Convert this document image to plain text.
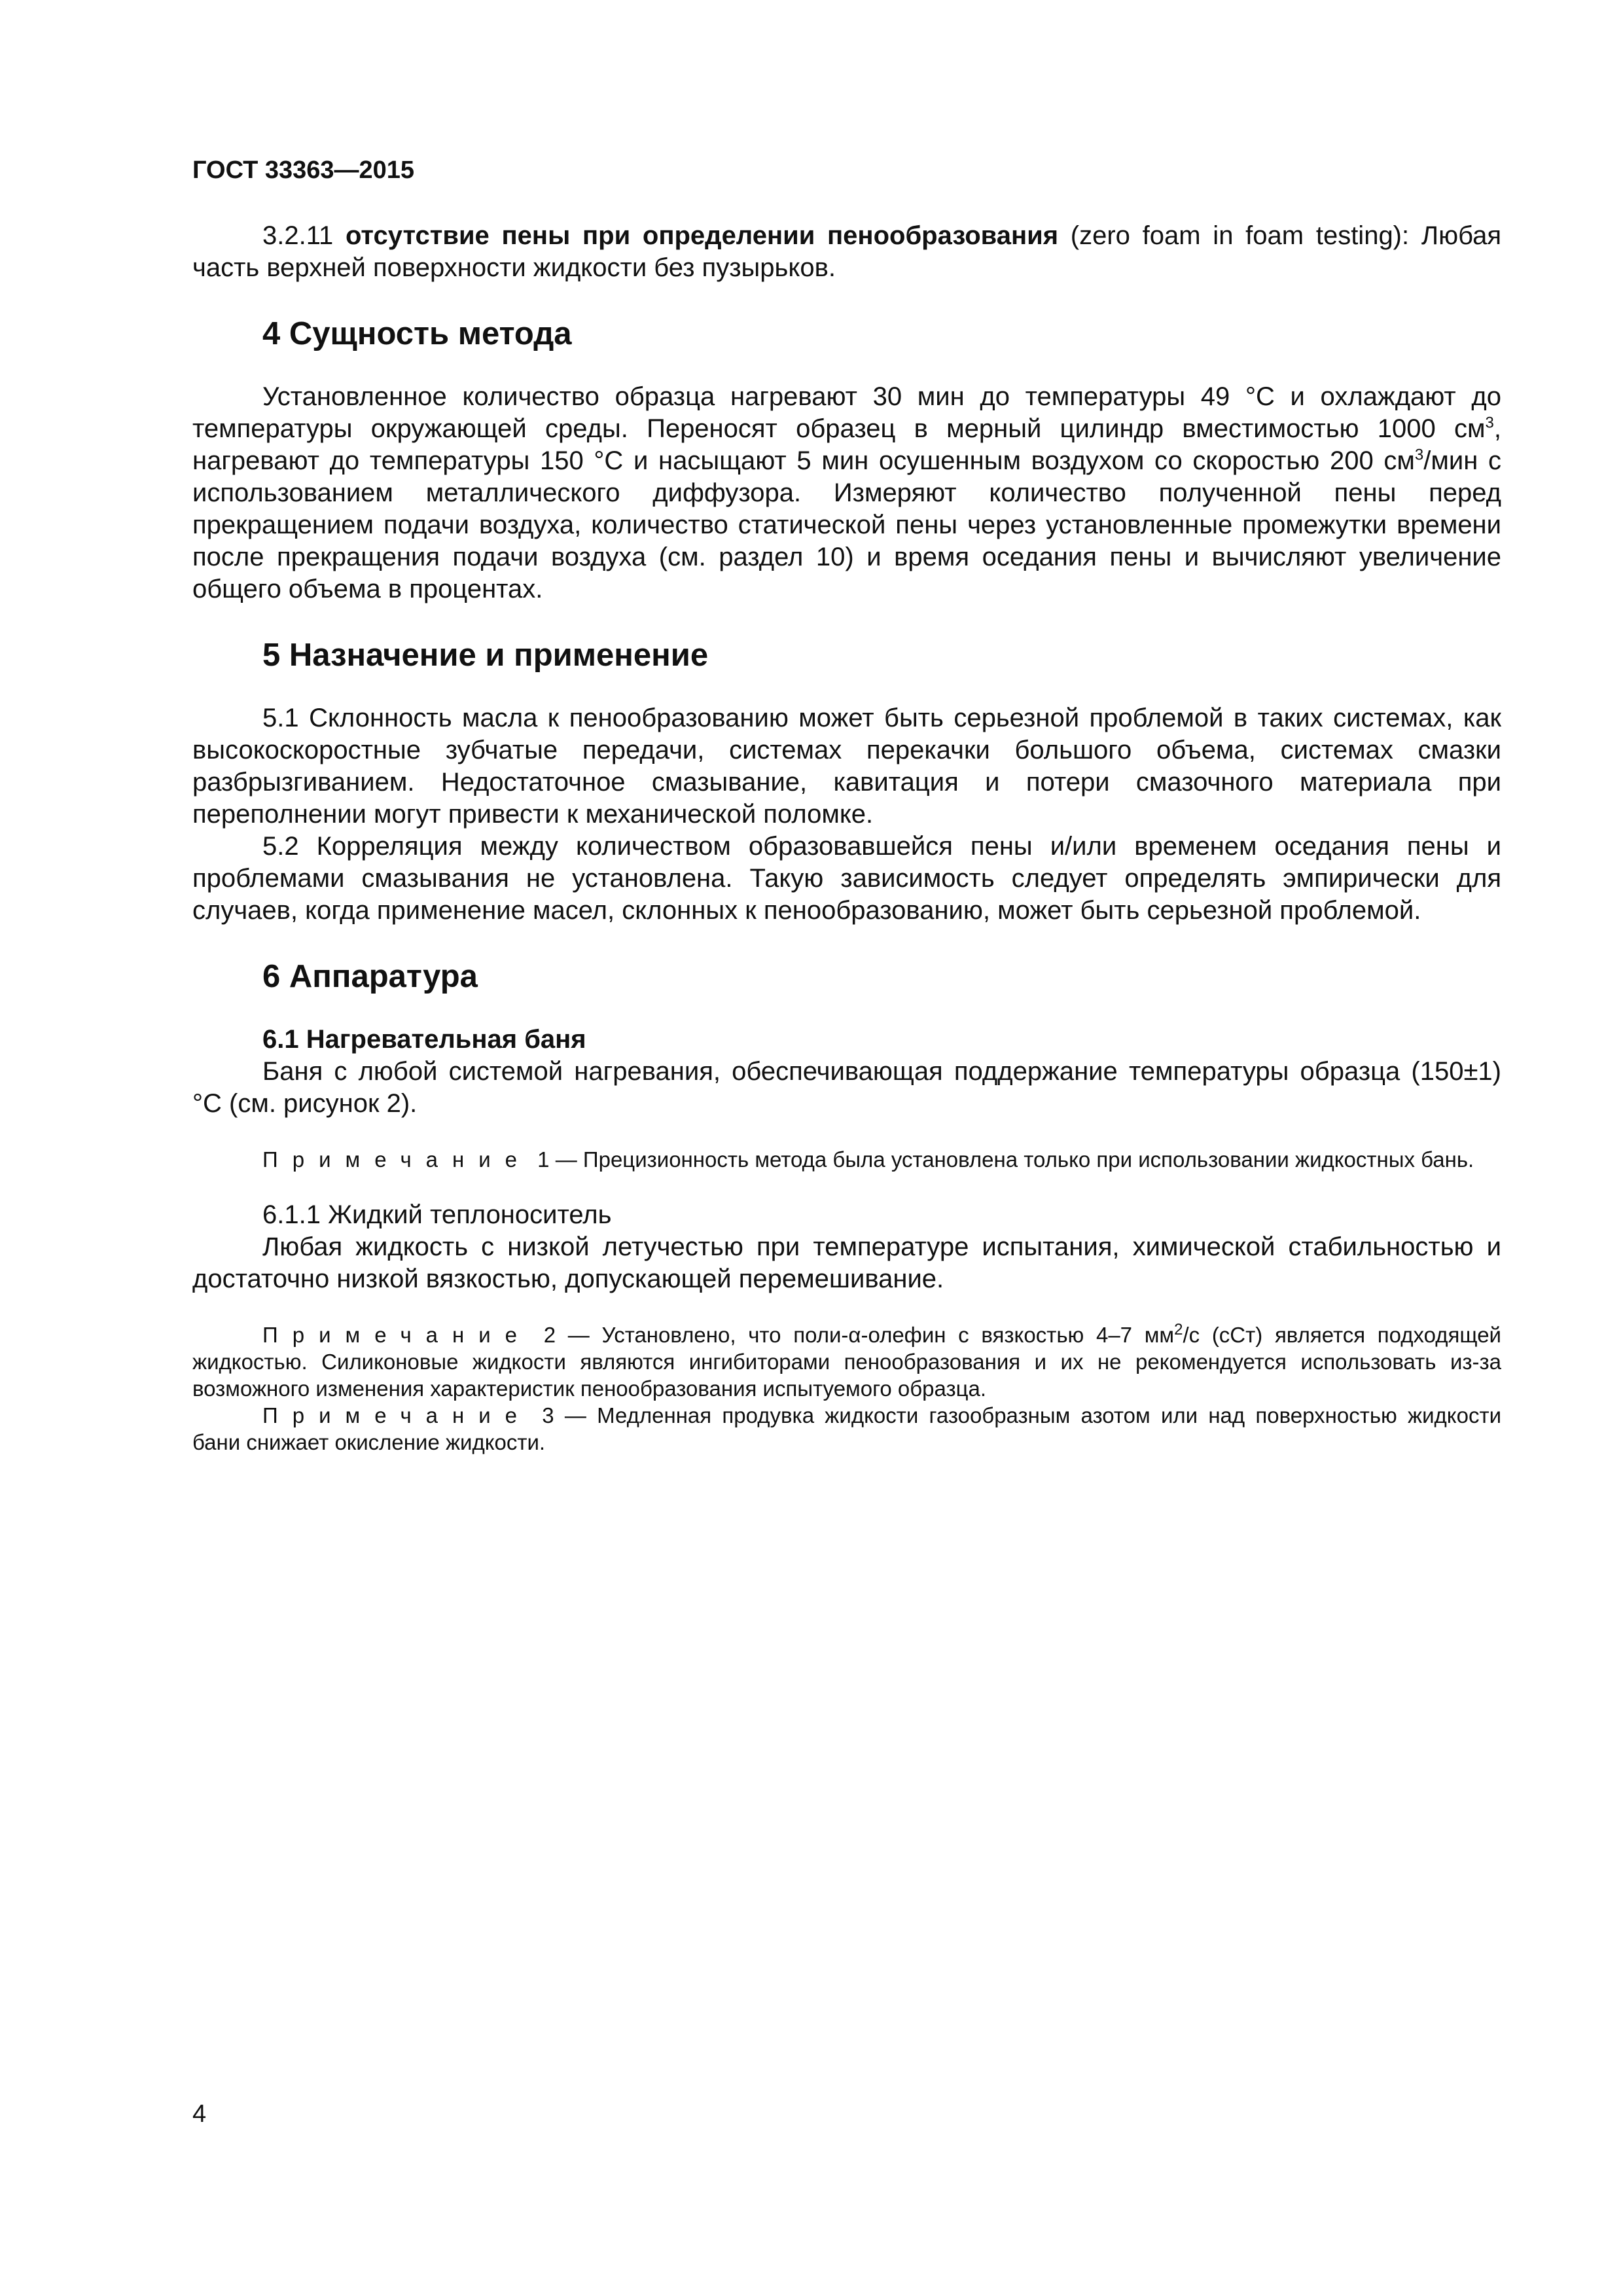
ГОСТ 33363—2015

3.2.11 отсутствие пены при определении пенообразования (zero foam in foam testing): Любая часть верхней поверхности жидкости без пузырьков.

4 Сущность метода

Установленное количество образца нагревают 30 мин до температуры 49 °С и охлаждают до температуры окружающей среды. Переносят образец в мерный цилиндр вместимостью 1000 $см^3$, нагревают до температуры 150 °С и насыщают 5 мин осушенным воздухом со скоростью 200 $см^3$/мин с использованием металлического диффузора. Измеряют количество полученной пены перед прекращением подачи воздуха, количество статической пены через установленные промежутки времени после прекращения подачи воздуха (см. раздел 10) и время оседания пены и вычисляют увеличение общего объема в процентах.

5 Назначение и применение

5.1 Склонность масла к пенообразованию может быть серьезной проблемой в таких системах, как высокоскоростные зубчатые передачи, системах перекачки большого объема, системах смазки разбрызгиванием. Недостаточное смазывание, кавитация и потери смазочного материала при переполнении могут привести к механической поломке.

5.2 Корреляция между количеством образовавшейся пены и/или временем оседания пены и проблемами смазывания не установлена. Такую зависимость следует определять эмпирически для случаев, когда применение масел, склонных к пенообразованию, может быть серьезной проблемой.

6 Аппаратура
6.1 Нагревательная баня

Баня с любой системой нагревания, обеспечивающая поддержание температуры образца (150±1) °С (см. рисунок 2).

Примечание 1 — Прецизионность метода была установлена только при использовании жидкостных бань.

6.1.1 Жидкий теплоноситель

Любая жидкость с низкой летучестью при температуре испытания, химической стабильностью и достаточно низкой вязкостью, допускающей перемешивание.

Примечание 2 — Установлено, что поли-α-олефин с вязкостью 4–7 $мм^2/с$ (сСт) является подходящей жидкостью. Силиконовые жидкости являются ингибиторами пенообразования и их не рекомендуется использовать из-за возможного изменения характеристик пенообразования испытуемого образца.

Примечание 3 — Медленная продувка жидкости газообразным азотом или над поверхностью жидкости бани снижает окисление жидкости.

4
